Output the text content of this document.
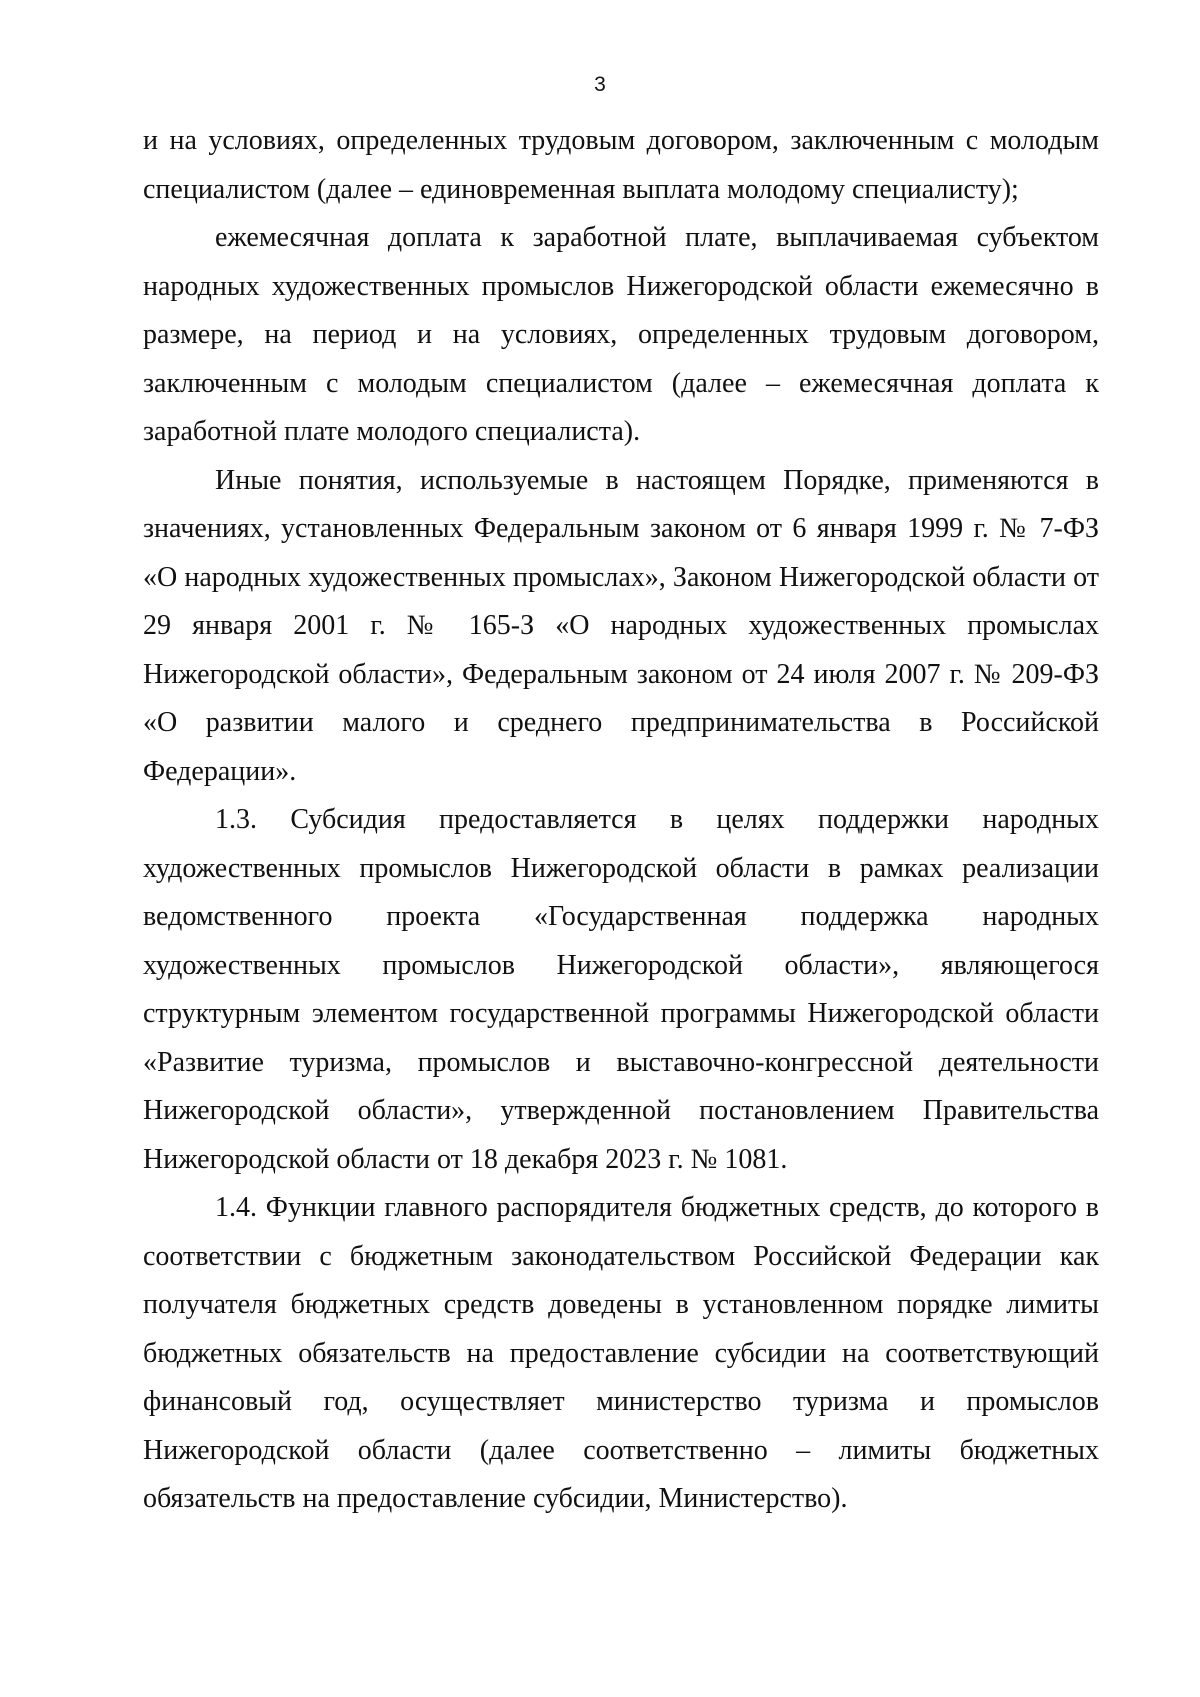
3

и на условиях, определенных трудовым договором, заключенным с молодым специалистом (далее – единовременная выплата молодому специалисту);

ежемесячная доплата к заработной плате, выплачиваемая субъектом народных художественных промыслов Нижегородской области ежемесячно в размере, на период и на условиях, определенных трудовым договором, заключенным с молодым специалистом (далее – ежемесячная доплата к заработной плате молодого специалиста).

Иные понятия, используемые в настоящем Порядке, применяются в значениях, установленных Федеральным законом от 6 января 1999 г. № 7-ФЗ «О народных художественных промыслах», Законом Нижегородской области от 29 января 2001 г. № 165-З «О народных художественных промыслах Нижегородской области», Федеральным законом от 24 июля 2007 г. № 209-ФЗ «О развитии малого и среднего предпринимательства в Российской Федерации».

1.3. Субсидия предоставляется в целях поддержки народных художественных промыслов Нижегородской области в рамках реализации ведомственного проекта «Государственная поддержка народных художественных промыслов Нижегородской области», являющегося структурным элементом государственной программы Нижегородской области «Развитие туризма, промыслов и выставочно-конгрессной деятельности Нижегородской области», утвержденной постановлением Правительства Нижегородской области от 18 декабря 2023 г. № 1081.

1.4. Функции главного распорядителя бюджетных средств, до которого в соответствии с бюджетным законодательством Российской Федерации как получателя бюджетных средств доведены в установленном порядке лимиты бюджетных обязательств на предоставление субсидии на соответствующий финансовый год, осуществляет министерство туризма и промыслов Нижегородской области (далее соответственно – лимиты бюджетных обязательств на предоставление субсидии, Министерство).
